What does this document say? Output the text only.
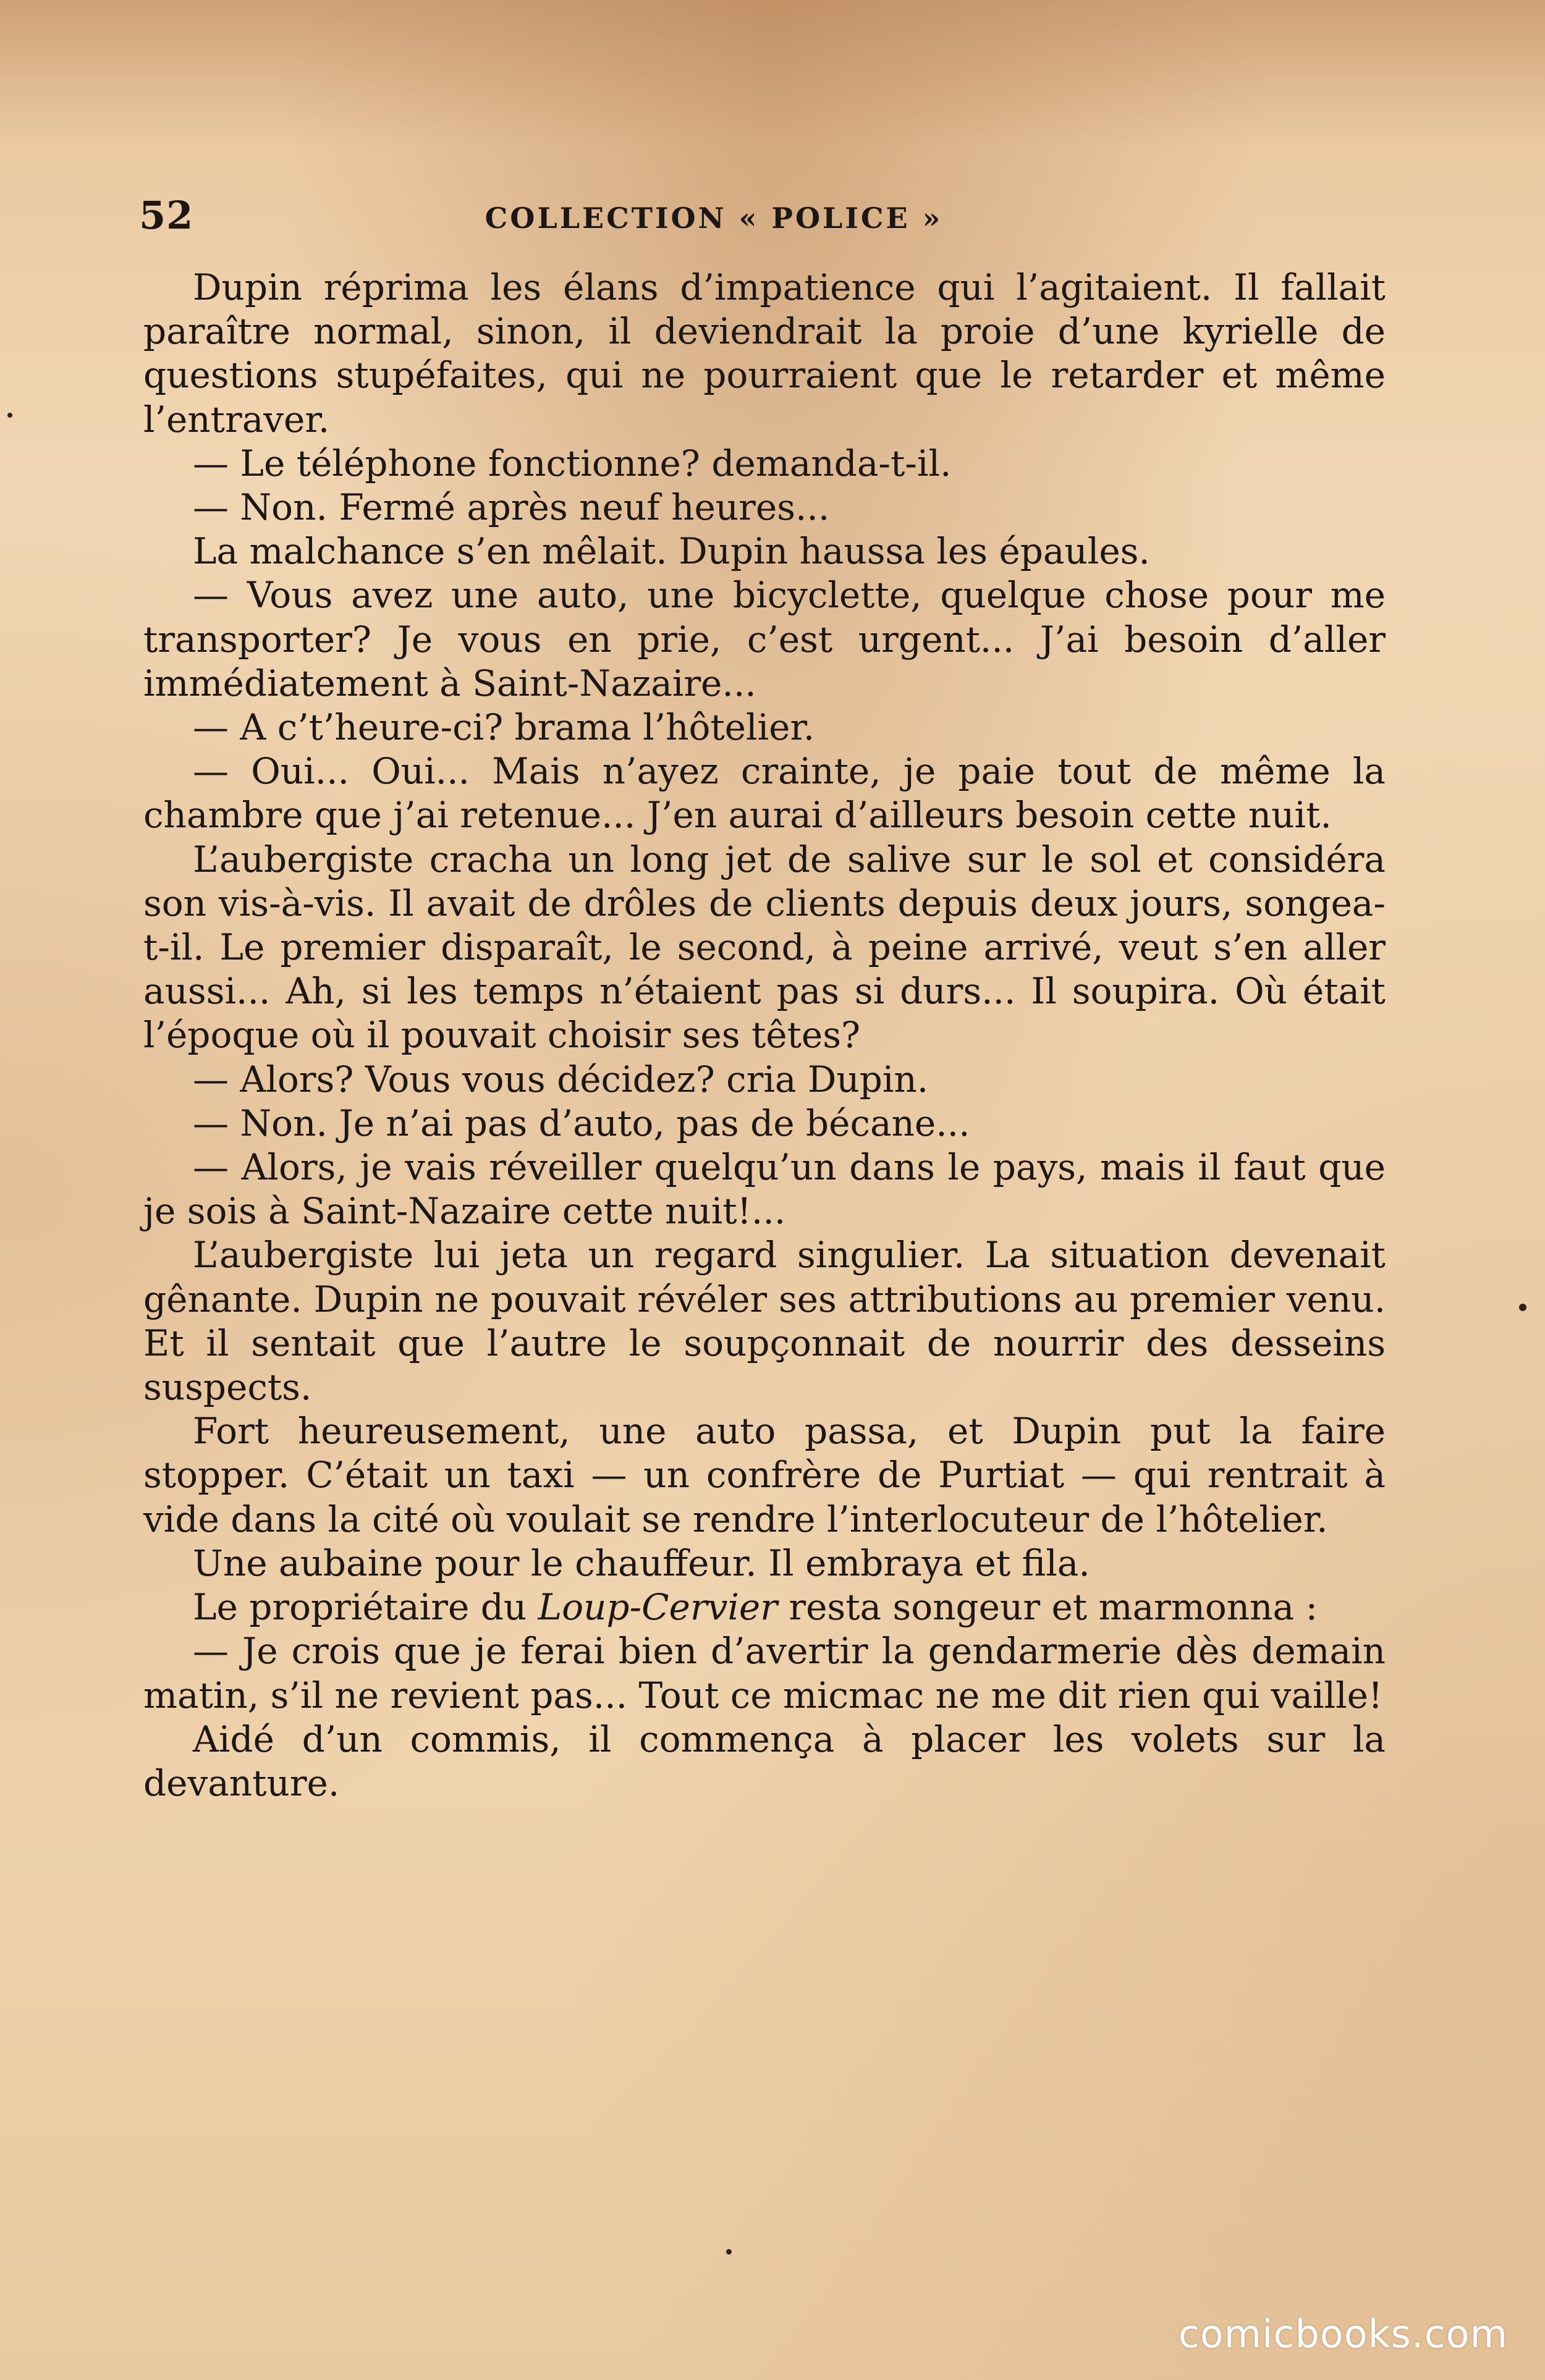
52	COLLECTION « POLICE »

Dupin réprima les élans d’impatience qui l’agitaient. Il fallait paraître normal, sinon, il deviendrait la proie d’une kyrielle de questions stupéfaites, qui ne pourraient que le retarder et même l’entraver.

— Le téléphone fonctionne? demanda-t-il.

— Non. Fermé après neuf heures...

La malchance s’en mêlait. Dupin haussa les épaules.

— Vous avez une auto, une bicyclette, quelque chose pour me transporter? Je vous en prie, c’est urgent... J’ai besoin d’aller immédiatement à Saint-Nazaire...

— A c’t’heure-ci? brama l’hôtelier.

— Oui... Oui... Mais n’ayez crainte, je paie tout de même la chambre que j’ai retenue... J’en aurai d’ailleurs besoin cette nuit.

L’aubergiste cracha un long jet de salive sur le sol et considéra son vis-à-vis. Il avait de drôles de clients depuis deux jours, songea-t-il. Le premier disparaît, le second, à peine arrivé, veut s’en aller aussi... Ah, si les temps n’étaient pas si durs... Il soupira. Où était l’époque où il pouvait choisir ses têtes?

— Alors? Vous vous décidez? cria Dupin.

— Non. Je n’ai pas d’auto, pas de bécane...

— Alors, je vais réveiller quelqu’un dans le pays, mais il faut que je sois à Saint-Nazaire cette nuit!...

L’aubergiste lui jeta un regard singulier. La situation devenait gênante. Dupin ne pouvait révéler ses attributions au premier venu. Et il sentait que l’autre le soupçonnait de nourrir des desseins suspects.

Fort heureusement, une auto passa, et Dupin put la faire stopper. C’était un taxi — un confrère de Purtiat — qui rentrait à vide dans la cité où voulait se rendre l’interlocuteur de l’hôtelier.

Une aubaine pour le chauffeur. Il embraya et fila.

Le propriétaire du Loup-Cervier resta songeur et marmonna :

— Je crois que je ferai bien d’avertir la gendarmerie dès demain matin, s’il ne revient pas... Tout ce micmac ne me dit rien qui vaille!

Aidé d’un commis, il commença à placer les volets sur la devanture.

comicbooks.com
